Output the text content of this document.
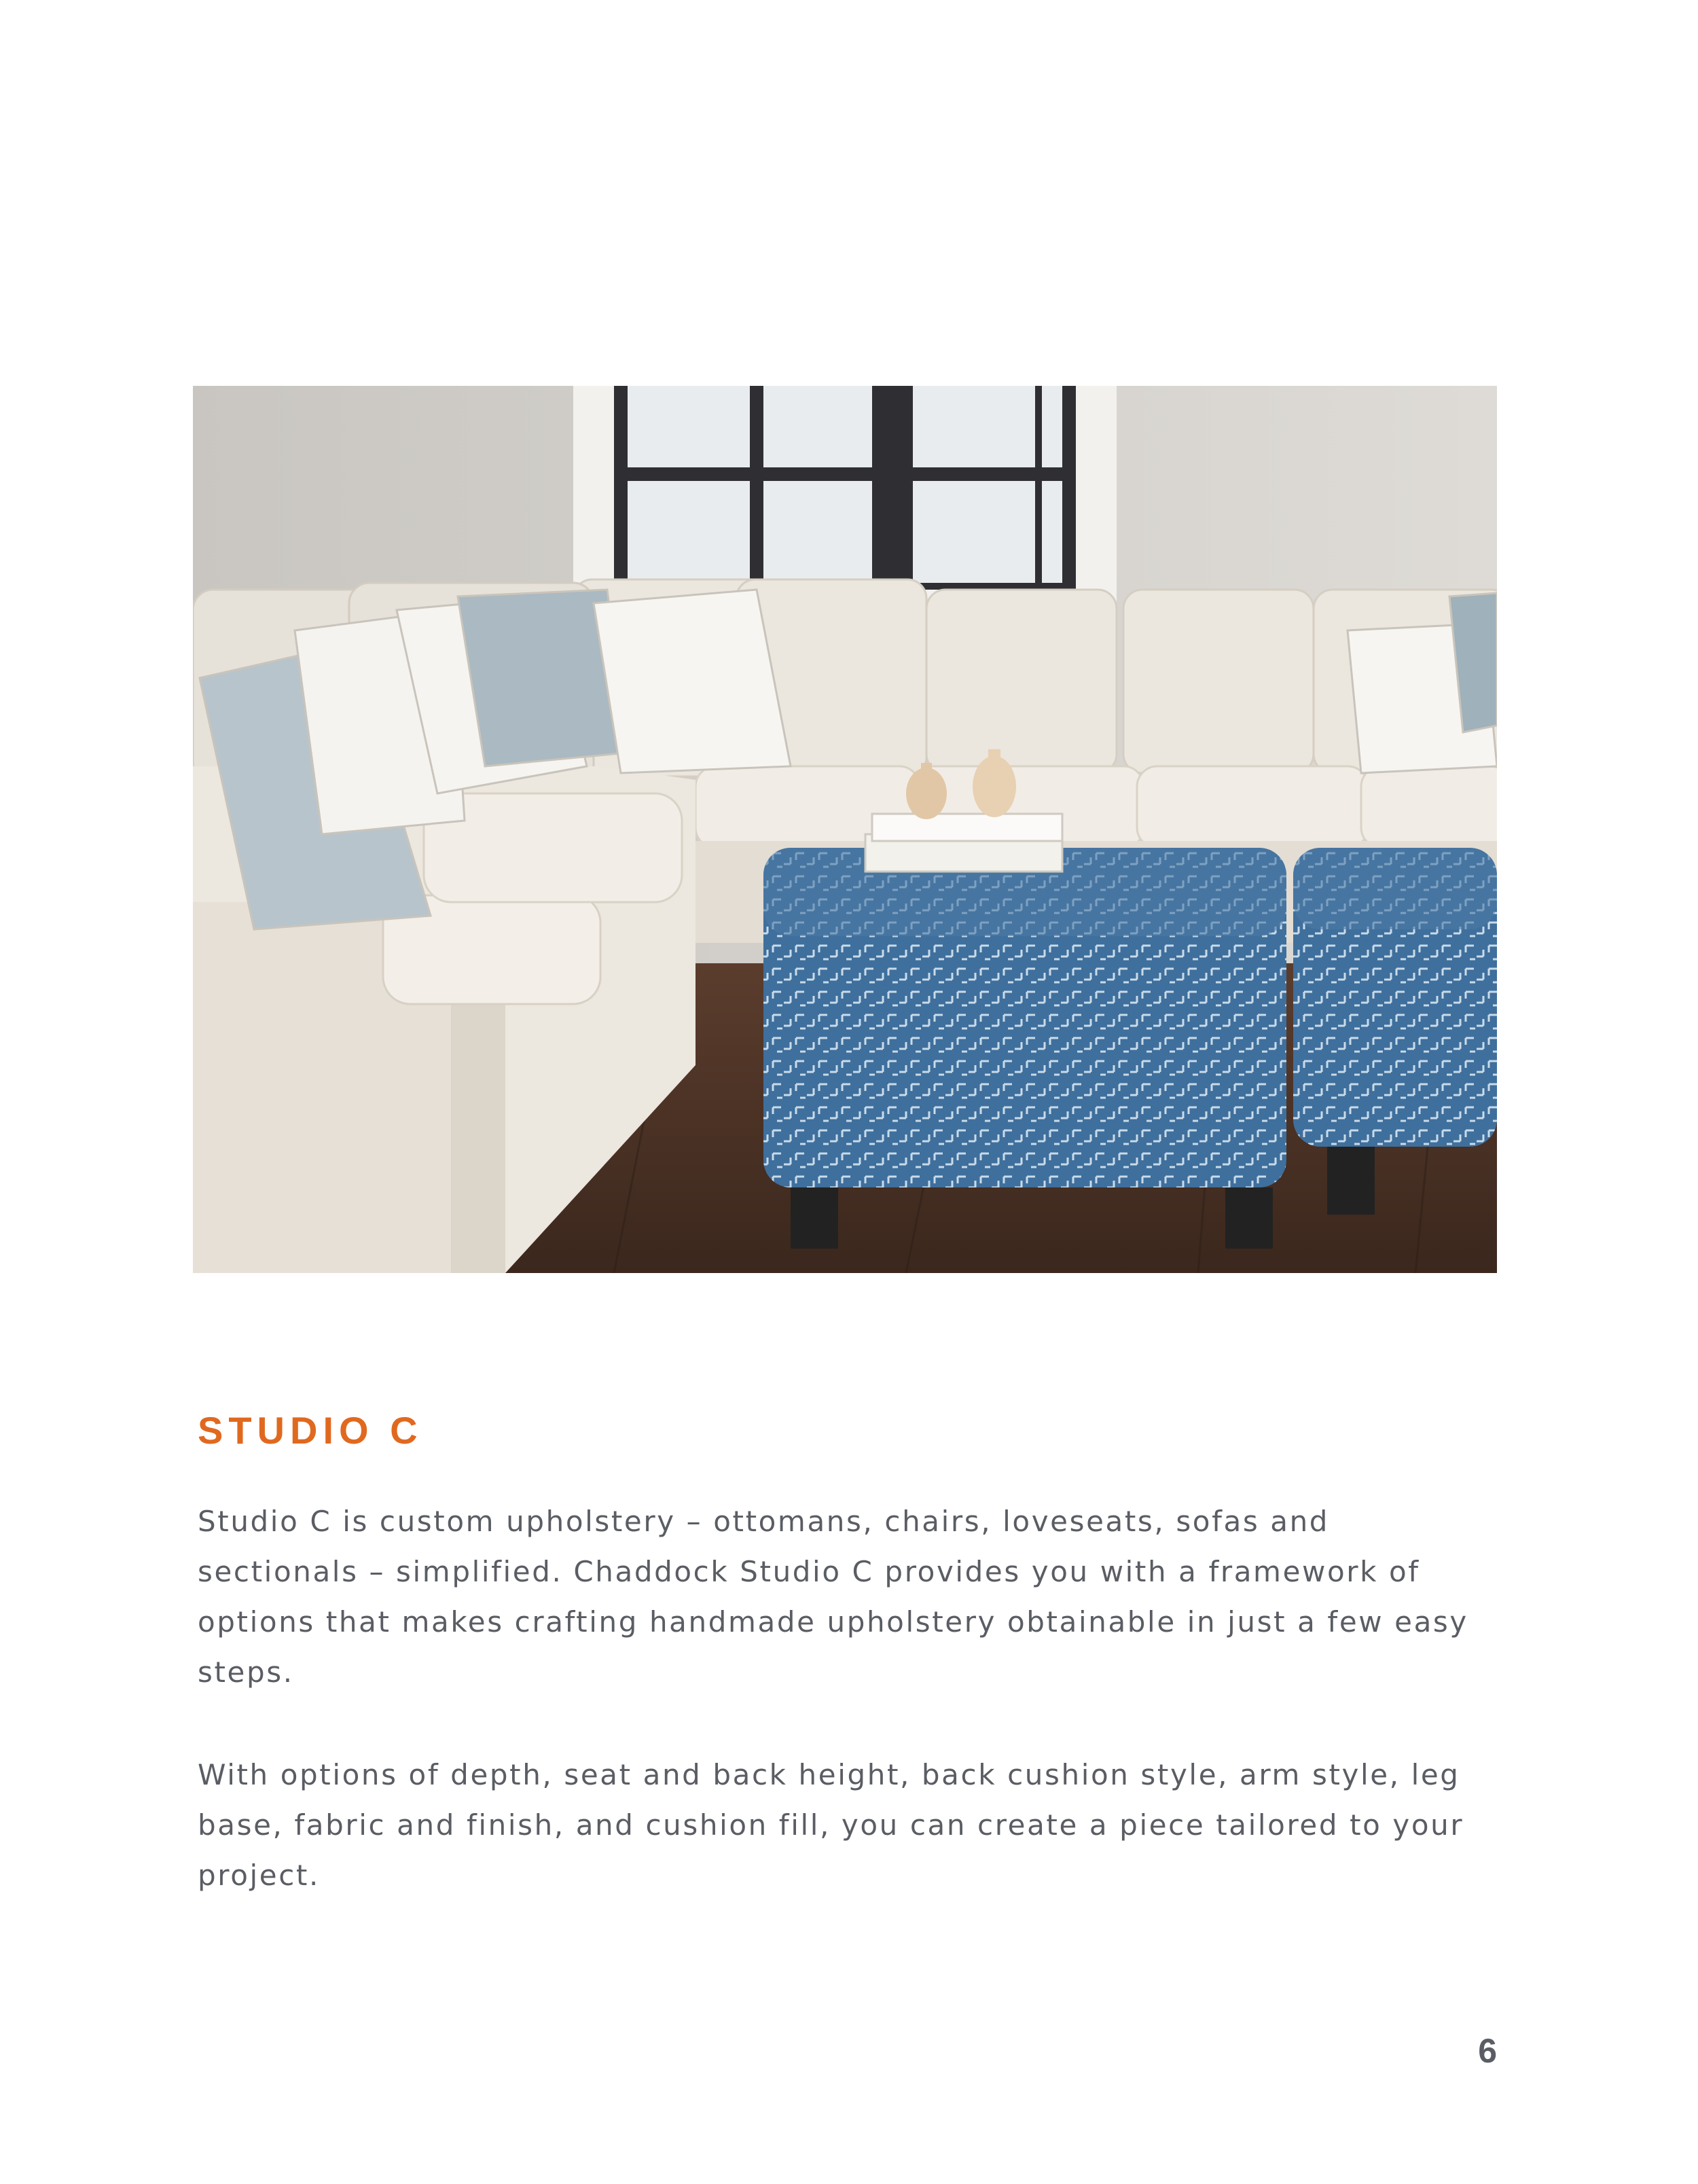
STUDIO C

Studio C is custom upholstery – ottomans, chairs, loveseats, sofas and sectionals – simplified. Chaddock Studio C provides you with a framework of options that makes crafting handmade upholstery obtainable in just a few easy steps.

With options of depth, seat and back height, back cushion style, arm style, leg base, fabric and finish, and cushion fill, you can create a piece tailored to your project.

6
